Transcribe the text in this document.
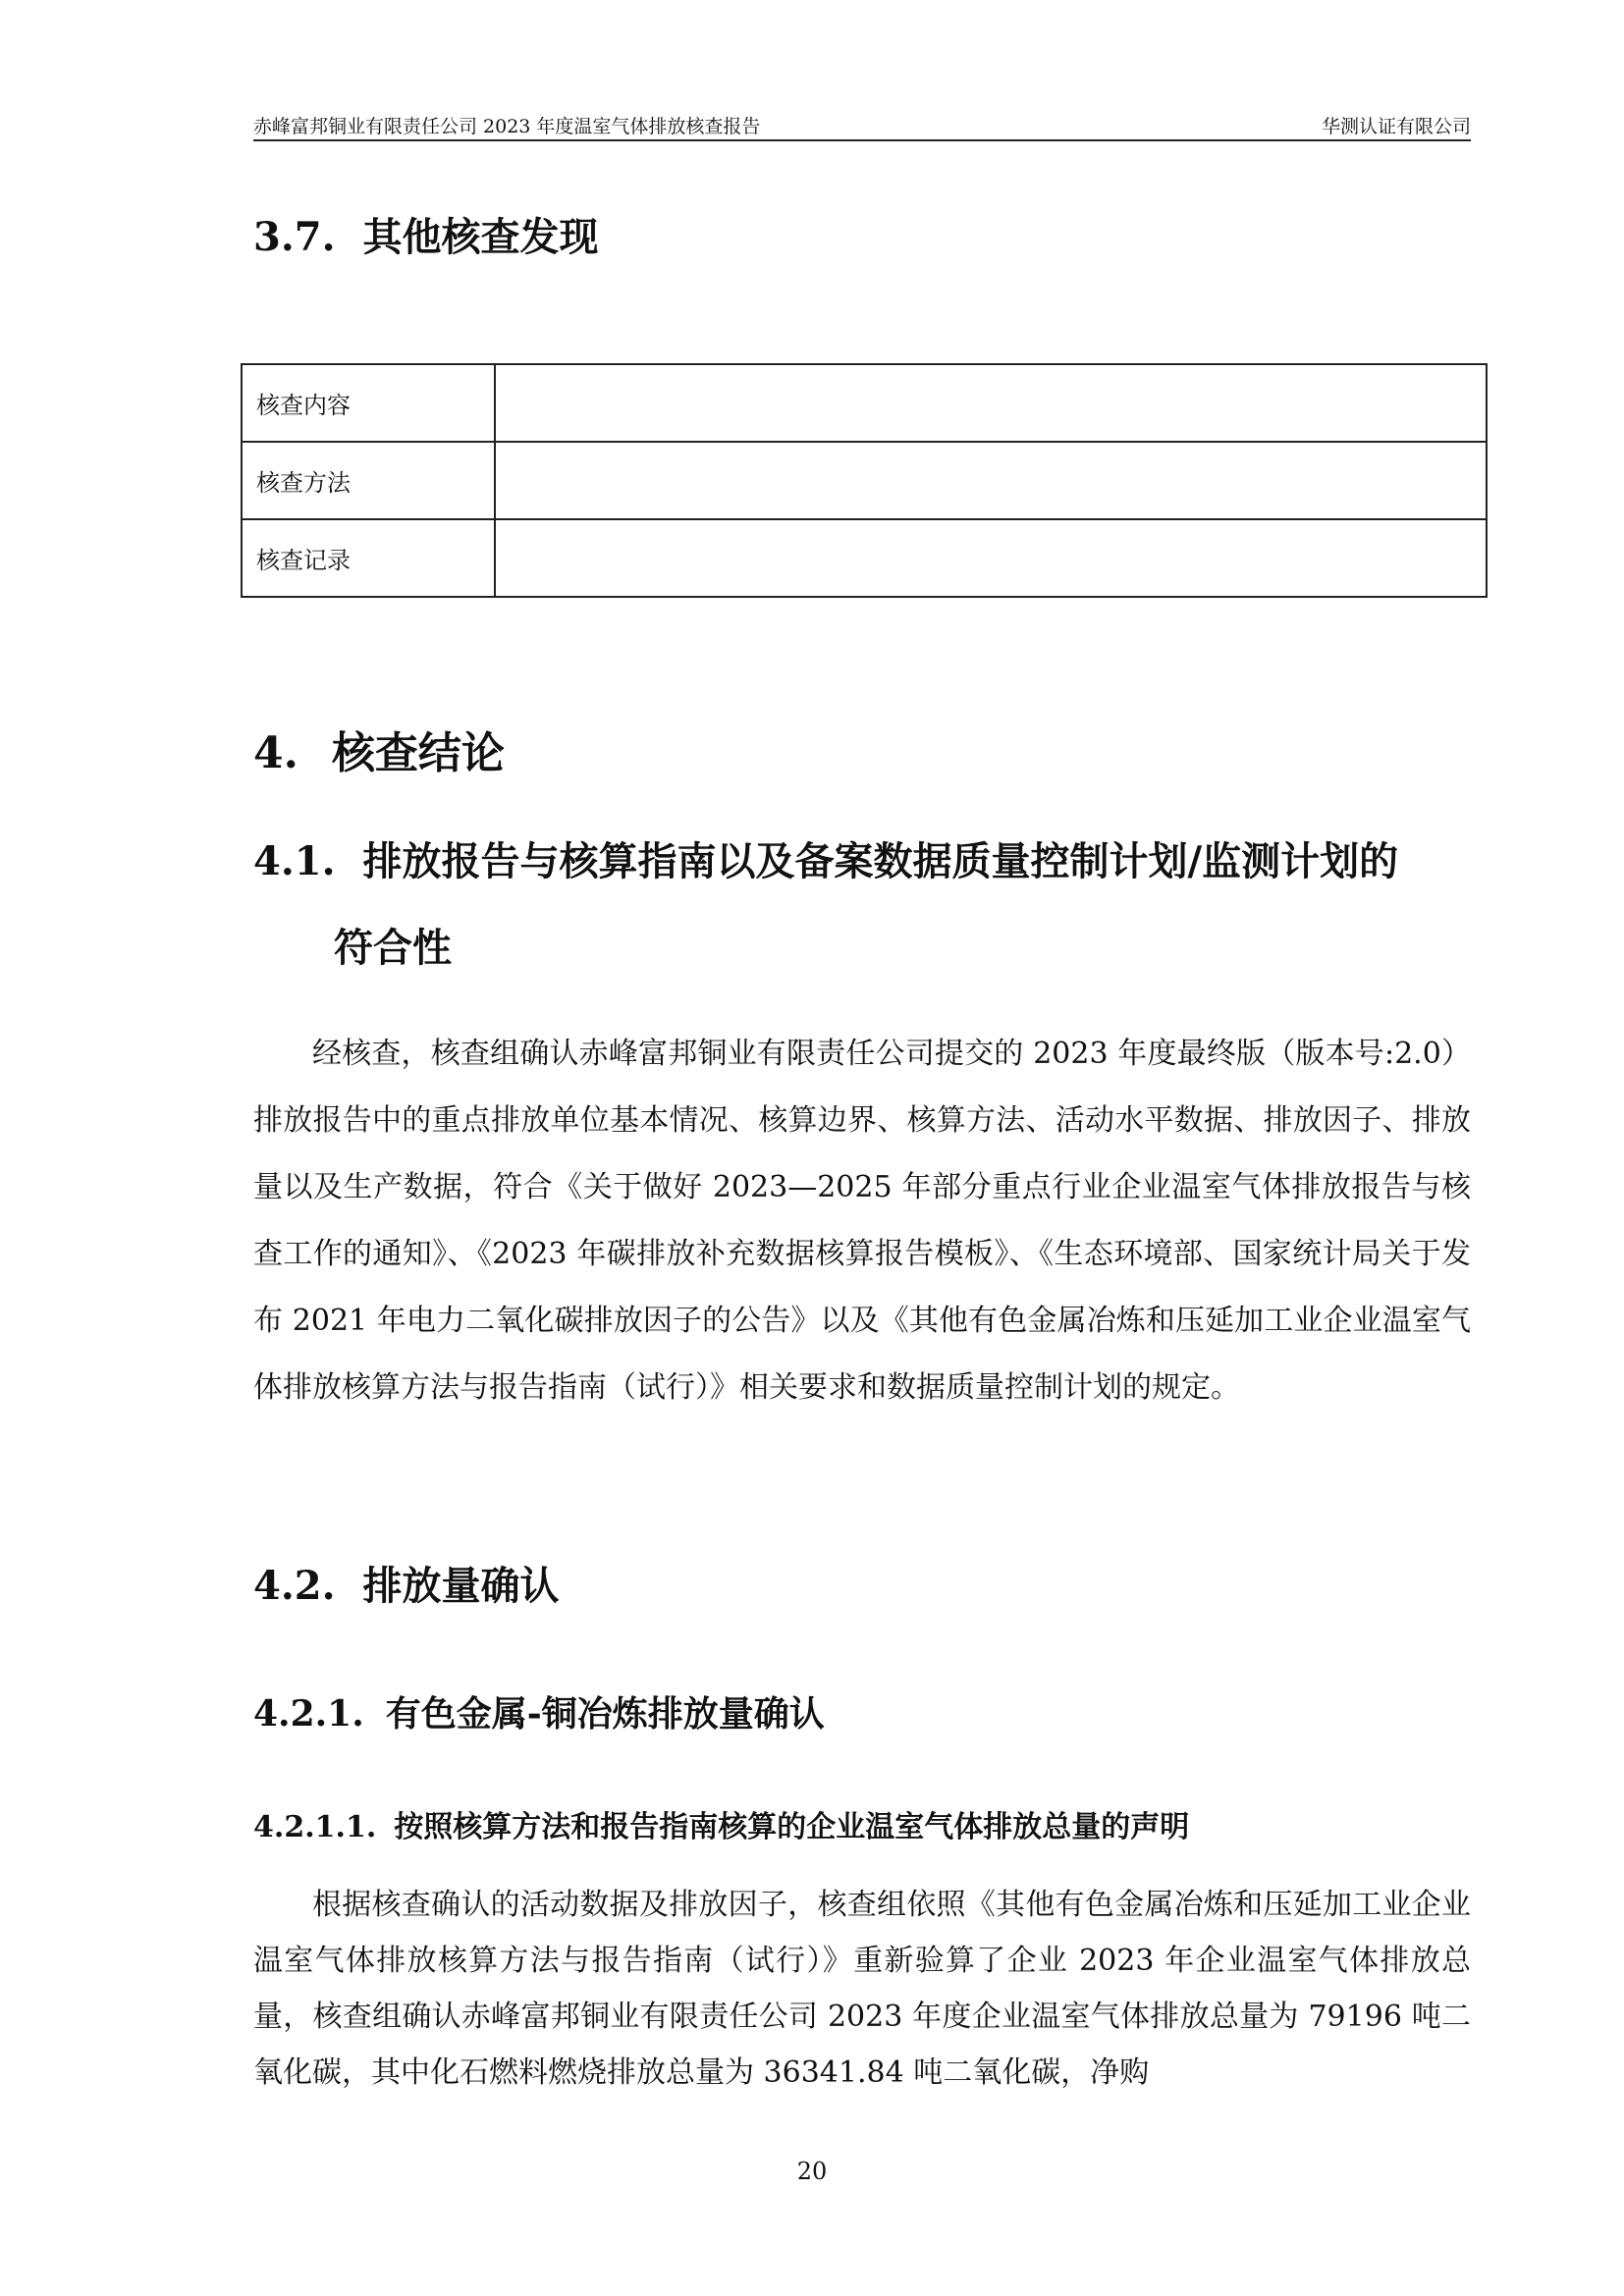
赤峰富邦铜业有限责任公司 2023 年度温室气体排放核查报告	华测认证有限公司
3.7. 其他核查发现
核查内容	
核查方法	
核查记录	
4. 核查结论
4.1. 排放报告与核算指南以及备案数据质量控制计划/监测计划的
符合性
经核查，核查组确认赤峰富邦铜业有限责任公司提交的 2023 年度最终版（版本号:2.0）排放报告中的重点排放单位基本情况、核算边界、核算方法、活动水平数据、排放因子、排放量以及生产数据，符合《关于做好 2023—2025 年部分重点行业企业温室气体排放报告与核查工作的通知》、《2023 年碳排放补充数据核算报告模板》、《生态环境部、国家统计局关于发布 2021 年电力二氧化碳排放因子的公告》以及《其他有色金属冶炼和压延加工业企业温室气体排放核算方法与报告指南（试行）》相关要求和数据质量控制计划的规定。
4.2. 排放量确认
4.2.1. 有色金属-铜冶炼排放量确认
4.2.1.1. 按照核算方法和报告指南核算的企业温室气体排放总量的声明
根据核查确认的活动数据及排放因子，核查组依照《其他有色金属冶炼和压延加工业企业温室气体排放核算方法与报告指南（试行）》重新验算了企业 2023 年企业温室气体排放总量，核查组确认赤峰富邦铜业有限责任公司 2023 年度企业温室气体排放总量为 79196 吨二氧化碳，其中化石燃料燃烧排放总量为 36341.84 吨二氧化碳，净购
20
